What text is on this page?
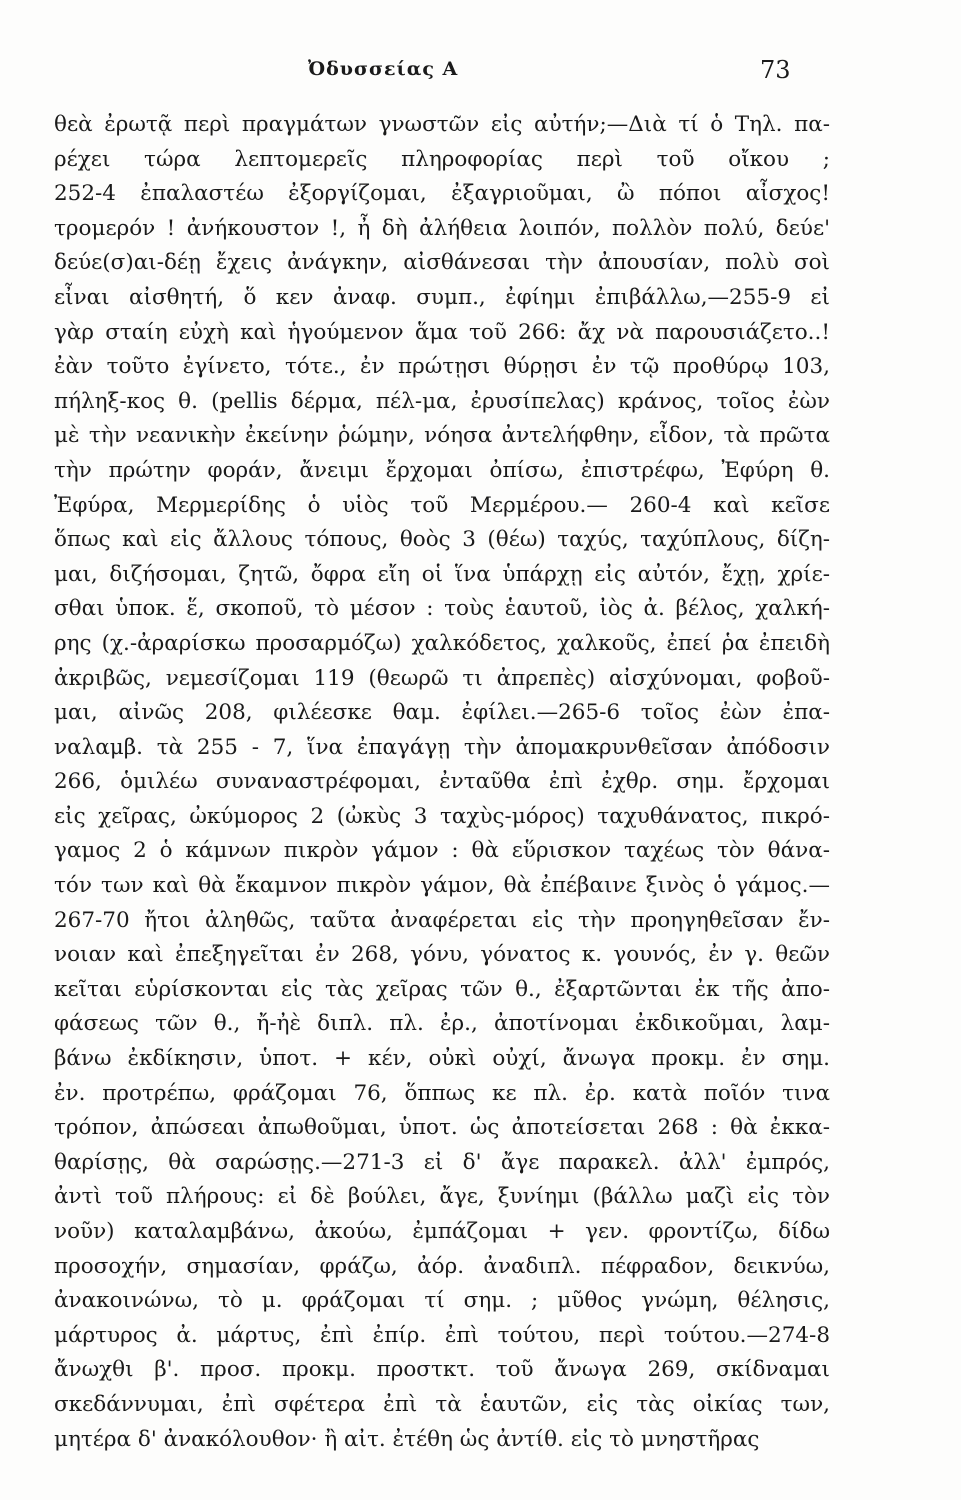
Ὀδυσσείας Α	73
θεὰ ἐρωτᾷ περὶ πραγμάτων γνωστῶν εἰς αὐτήν;—Διὰ τί ὁ Τηλ. πα-
ρέχει τώρα λεπτομερεῖς πληροφορίας περὶ τοῦ οἴκου ;
252-4 ἐπαλαστέω ἐξοργίζομαι, ἐξαγριοῦμαι, ὢ πόποι αἶσχος!
τρομερόν ! ἀνήκουστον !, ἦ δὴ ἀλήθεια λοιπόν, πολλὸν πολύ, δεύε'
δεύε(σ)αι-δέῃ ἔχεις ἀνάγκην, αἰσθάνεσαι τὴν ἀπουσίαν, πολὺ σοὶ
εἶναι αἰσθητή, ὅ κεν ἀναφ. συμπ., ἐφίημι ἐπιβάλλω,—255-9 εἰ
γὰρ σταίη εὐχὴ καὶ ἡγούμενον ἅμα τοῦ 266: ἄχ νὰ παρουσιάζετο..!
ἐὰν τοῦτο ἐγίνετο, τότε., ἐν πρώτῃσι θύρῃσι ἐν τῷ προθύρῳ 103,
πήληξ-κος θ. (pellis δέρμα, πέλ-μα, ἐρυσίπελας) κράνος, τοῖος ἐὼν
μὲ τὴν νεανικὴν ἐκείνην ῥώμην, νόησα ἀντελήφθην, εἶδον, τὰ πρῶτα
τὴν πρώτην φοράν, ἄνειμι ἔρχομαι ὀπίσω, ἐπιστρέφω, Ἐφύρη θ.
Ἐφύρα, Μερμερίδης ὁ υἱὸς τοῦ Μερμέρου.— 260-4 καὶ κεῖσε
ὅπως καὶ εἰς ἄλλους τόπους, θοὸς 3 (θέω) ταχύς, ταχύπλους, δίζη-
μαι, διζήσομαι, ζητῶ, ὄφρα εἴη οἱ ἵνα ὑπάρχῃ εἰς αὐτόν, ἔχῃ, χρίε-
σθαι ὑποκ. ἕ, σκοποῦ, τὸ μέσον : τοὺς ἑαυτοῦ, ἰὸς ἀ. βέλος, χαλκή-
ρης (χ.-ἀραρίσκω προσαρμόζω) χαλκόδετος, χαλκοῦς, ἐπεί ῥα ἐπειδὴ
ἀκριβῶς, νεμεσίζομαι 119 (θεωρῶ τι ἀπρεπὲς) αἰσχύνομαι, φοβοῦ-
μαι, αἰνῶς 208, φιλέεσκε θαμ. ἐφίλει.—265-6 τοῖος ἐὼν ἐπα-
ναλαμβ. τὰ 255 - 7, ἵνα ἐπαγάγῃ τὴν ἀπομακρυνθεῖσαν ἀπόδοσιν
266, ὁμιλέω συναναστρέφομαι, ἐνταῦθα ἐπὶ ἐχθρ. σημ. ἔρχομαι
εἰς χεῖρας, ὠκύμορος 2 (ὠκὺς 3 ταχὺς-μόρος) ταχυθάνατος, πικρό-
γαμος 2 ὁ κάμνων πικρὸν γάμον : θὰ εὕρισκον ταχέως τὸν θάνα-
τόν των καὶ θὰ ἔκαμνον πικρὸν γάμον, θὰ ἐπέβαινε ξινὸς ὁ γάμος.—
267-70 ἤτοι ἀληθῶς, ταῦτα ἀναφέρεται εἰς τὴν προηγηθεῖσαν ἔν-
νοιαν καὶ ἐπεξηγεῖται ἐν 268, γόνυ, γόνατος κ. γουνός, ἐν γ. θεῶν
κεῖται εὑρίσκονται εἰς τὰς χεῖρας τῶν θ., ἐξαρτῶνται ἐκ τῆς ἀπο-
φάσεως τῶν θ., ἤ-ἠὲ διπλ. πλ. ἐρ., ἀποτίνομαι ἐκδικοῦμαι, λαμ-
βάνω ἐκδίκησιν, ὑποτ. + κέν, οὐκὶ οὐχί, ἄνωγα προκμ. ἐν σημ.
ἐν. προτρέπω, φράζομαι 76, ὅππως κε πλ. ἐρ. κατὰ ποῖόν τινα
τρόπον, ἀπώσεαι ἀπωθοῦμαι, ὑποτ. ὡς ἀποτείσεται 268 : θὰ ἐκκα-
θαρίσῃς, θὰ σαρώσῃς.—271-3 εἰ δ' ἄγε παρακελ. ἀλλ' ἐμπρός,
ἀντὶ τοῦ πλήρους: εἰ δὲ βούλει, ἄγε, ξυνίημι (βάλλω μαζὶ εἰς τὸν
νοῦν) καταλαμβάνω, ἀκούω, ἐμπάζομαι + γεν. φροντίζω, δίδω
προσοχήν, σημασίαν, φράζω, ἀόρ. ἀναδιπλ. πέφραδον, δεικνύω,
ἀνακοινώνω, τὸ μ. φράζομαι τί σημ. ; μῦθος γνώμη, θέλησις,
μάρτυρος ἀ. μάρτυς, ἐπὶ ἐπίρ. ἐπὶ τούτου, περὶ τούτου.—274-8
ἄνωχθι β'. προσ. προκμ. προστκτ. τοῦ ἄνωγα 269, σκίδναμαι
σκεδάννυμαι, ἐπὶ σφέτερα ἐπὶ τὰ ἑαυτῶν, εἰς τὰς οἰκίας των,
μητέρα δ' ἀνακόλουθον· ἢ αἰτ. ἐτέθη ὡς ἀντίθ. εἰς τὸ μνηστῆρας
